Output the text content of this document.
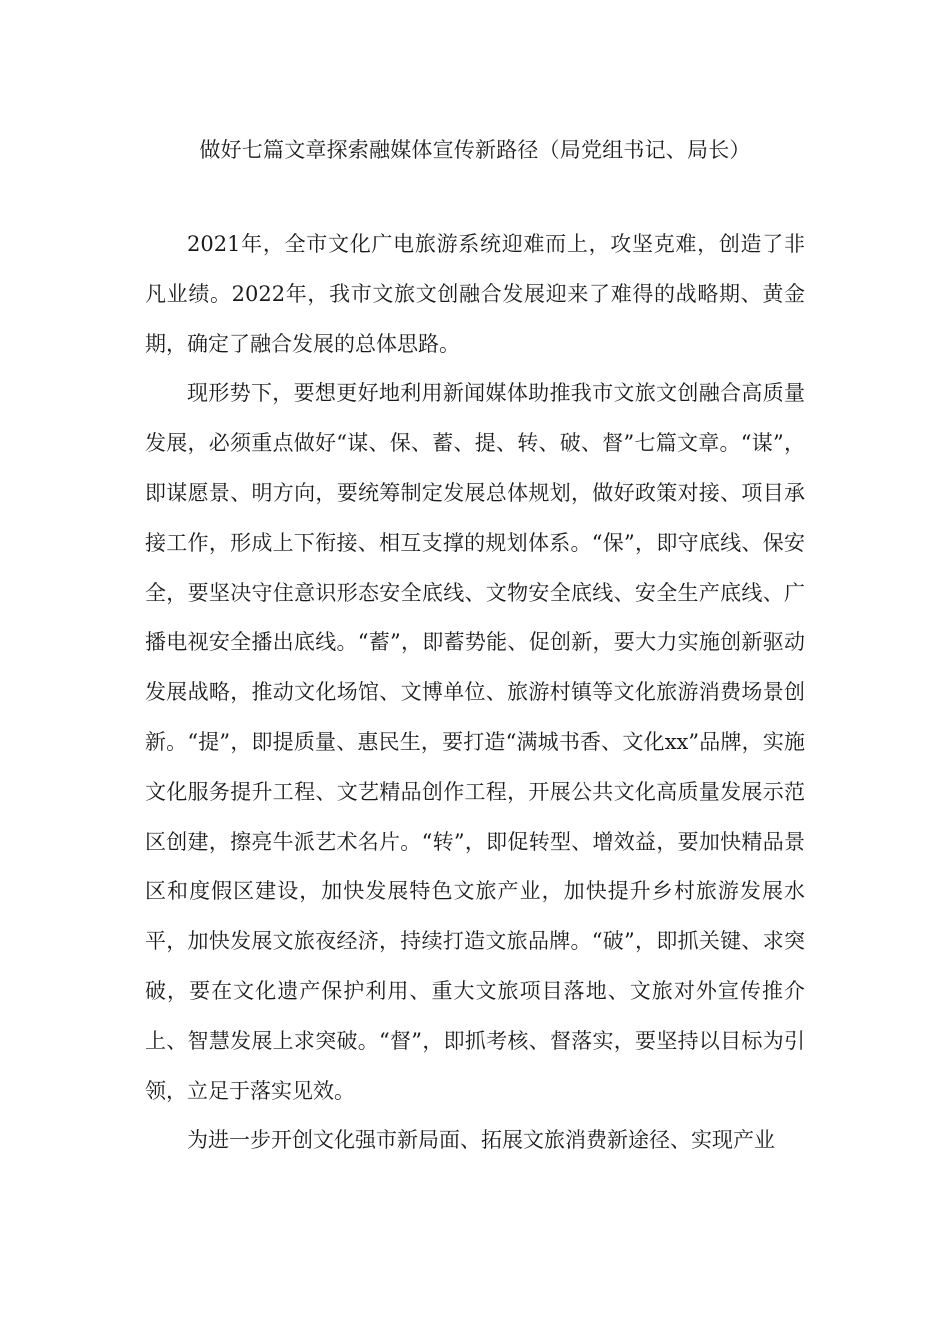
做好七篇文章探索融媒体宣传新路径（局党组书记、局长）

2021年，全市文化广电旅游系统迎难而上，攻坚克难，创造了非凡业绩。2022年，我市文旅文创融合发展迎来了难得的战略期、黄金期，确定了融合发展的总体思路。

现形势下，要想更好地利用新闻媒体助推我市文旅文创融合高质量发展，必须重点做好“谋、保、蓄、提、转、破、督”七篇文章。“谋”，即谋愿景、明方向，要统筹制定发展总体规划，做好政策对接、项目承接工作，形成上下衔接、相互支撑的规划体系。“保”，即守底线、保安全，要坚决守住意识形态安全底线、文物安全底线、安全生产底线、广播电视安全播出底线。“蓄”，即蓄势能、促创新，要大力实施创新驱动发展战略，推动文化场馆、文博单位、旅游村镇等文化旅游消费场景创新。“提”，即提质量、惠民生，要打造“满城书香、文化xx”品牌，实施文化服务提升工程、文艺精品创作工程，开展公共文化高质量发展示范区创建，擦亮牛派艺术名片。“转”，即促转型、增效益，要加快精品景区和度假区建设，加快发展特色文旅产业，加快提升乡村旅游发展水平，加快发展文旅夜经济，持续打造文旅品牌。“破”，即抓关键、求突破，要在文化遗产保护利用、重大文旅项目落地、文旅对外宣传推介上、智慧发展上求突破。“督”，即抓考核、督落实，要坚持以目标为引领，立足于落实见效。

为进一步开创文化强市新局面、拓展文旅消费新途径、实现产业
